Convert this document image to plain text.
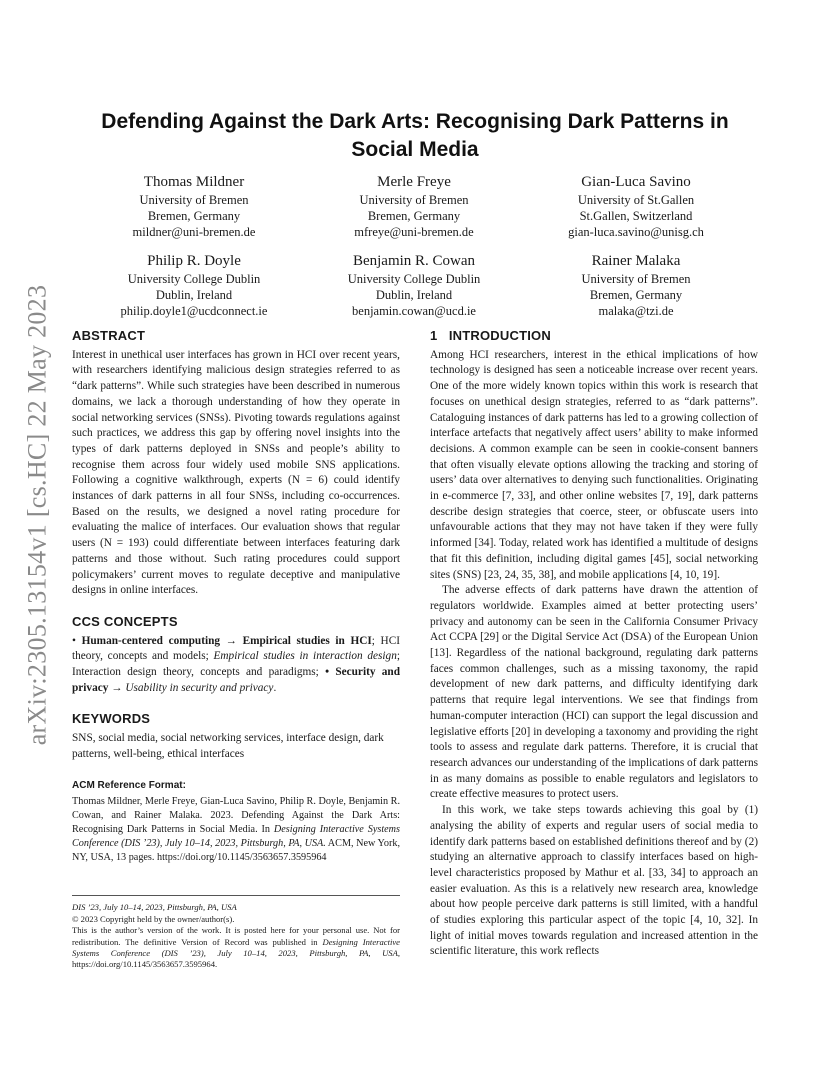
arXiv:2305.13154v1 [cs.HC] 22 May 2023
Defending Against the Dark Arts: Recognising Dark Patterns in Social Media
Thomas Mildner
University of Bremen
Bremen, Germany
mildner@uni-bremen.de
Merle Freye
University of Bremen
Bremen, Germany
mfreye@uni-bremen.de
Gian-Luca Savino
University of St.Gallen
St.Gallen, Switzerland
gian-luca.savino@unisg.ch
Philip R. Doyle
University College Dublin
Dublin, Ireland
philip.doyle1@ucdconnect.ie
Benjamin R. Cowan
University College Dublin
Dublin, Ireland
benjamin.cowan@ucd.ie
Rainer Malaka
University of Bremen
Bremen, Germany
malaka@tzi.de
ABSTRACT

Interest in unethical user interfaces has grown in HCI over recent years, with researchers identifying malicious design strategies referred to as “dark patterns”. While such strategies have been described in numerous domains, we lack a thorough understanding of how they operate in social networking services (SNSs). Pivoting towards regulations against such practices, we address this gap by offering novel insights into the types of dark patterns deployed in SNSs and people’s ability to recognise them across four widely used mobile SNS applications. Following a cognitive walkthrough, experts (N = 6) could identify instances of dark patterns in all four SNSs, including co-occurrences. Based on the results, we designed a novel rating procedure for evaluating the malice of interfaces. Our evaluation shows that regular users (N = 193) could differentiate between interfaces featuring dark patterns and those without. Such rating procedures could support policymakers’ current moves to regulate deceptive and manipulative designs in online interfaces.

CCS CONCEPTS

• Human-centered computing → Empirical studies in HCI; HCI theory, concepts and models; Empirical studies in interaction design; Interaction design theory, concepts and paradigms; • Security and privacy → Usability in security and privacy.

KEYWORDS

SNS, social media, social networking services, interface design, dark patterns, well-being, ethical interfaces

ACM Reference Format:

Thomas Mildner, Merle Freye, Gian-Luca Savino, Philip R. Doyle, Benjamin R. Cowan, and Rainer Malaka. 2023. Defending Against the Dark Arts: Recognising Dark Patterns in Social Media. In Designing Interactive Systems Conference (DIS ’23), July 10–14, 2023, Pittsburgh, PA, USA. ACM, New York, NY, USA, 13 pages. https://doi.org/10.1145/3563657.3595964

DIS ’23, July 10–14, 2023, Pittsburgh, PA, USA
© 2023 Copyright held by the owner/author(s).
This is the author’s version of the work. It is posted here for your personal use. Not for redistribution. The definitive Version of Record was published in Designing Interactive Systems Conference (DIS ’23), July 10–14, 2023, Pittsburgh, PA, USA, https://doi.org/10.1145/3563657.3595964.
1   INTRODUCTION

Among HCI researchers, interest in the ethical implications of how technology is designed has seen a noticeable increase over recent years. One of the more widely known topics within this work is research that focuses on unethical design strategies, referred to as “dark patterns”. Cataloguing instances of dark patterns has led to a growing collection of interface artefacts that negatively affect users’ ability to make informed decisions. A common example can be seen in cookie-consent banners that often visually elevate options allowing the tracking and storing of users’ data over alternatives to denying such functionalities. Originating in e-commerce [7, 33], and other online websites [7, 19], dark patterns describe design strategies that coerce, steer, or obfuscate users into unfavourable actions that they may not have taken if they were fully informed [34]. Today, related work has identified a multitude of designs that fit this definition, including digital games [45], social networking sites (SNS) [23, 24, 35, 38], and mobile applications [4, 10, 19].

The adverse effects of dark patterns have drawn the attention of regulators worldwide. Examples aimed at better protecting users’ privacy and autonomy can be seen in the California Consumer Privacy Act CCPA [29] or the Digital Service Act (DSA) of the European Union [13]. Regardless of the national background, regulating dark patterns faces common challenges, such as a missing taxonomy, the rapid development of new dark patterns, and difficulty identifying dark patterns that require legal interventions. We see that findings from human-computer interaction (HCI) can support the legal discussion and legislative efforts [20] in developing a taxonomy and providing the right tools to assess and regulate dark patterns. Therefore, it is crucial that research advances our understanding of the implications of dark patterns in as many domains as possible to enable regulators and legislators to create effective measures to protect users.

In this work, we take steps towards achieving this goal by (1) analysing the ability of experts and regular users of social media to identify dark patterns based on established definitions thereof and by (2) studying an alternative approach to classify interfaces based on high-level characteristics proposed by Mathur et al. [33, 34] to approach an easier evaluation. As this is a relatively new research area, knowledge about how people perceive dark patterns is still limited, with a handful of studies exploring this particular aspect of the topic [4, 10, 32]. In light of initial moves towards regulation and increased attention in the scientific literature, this work reflects
